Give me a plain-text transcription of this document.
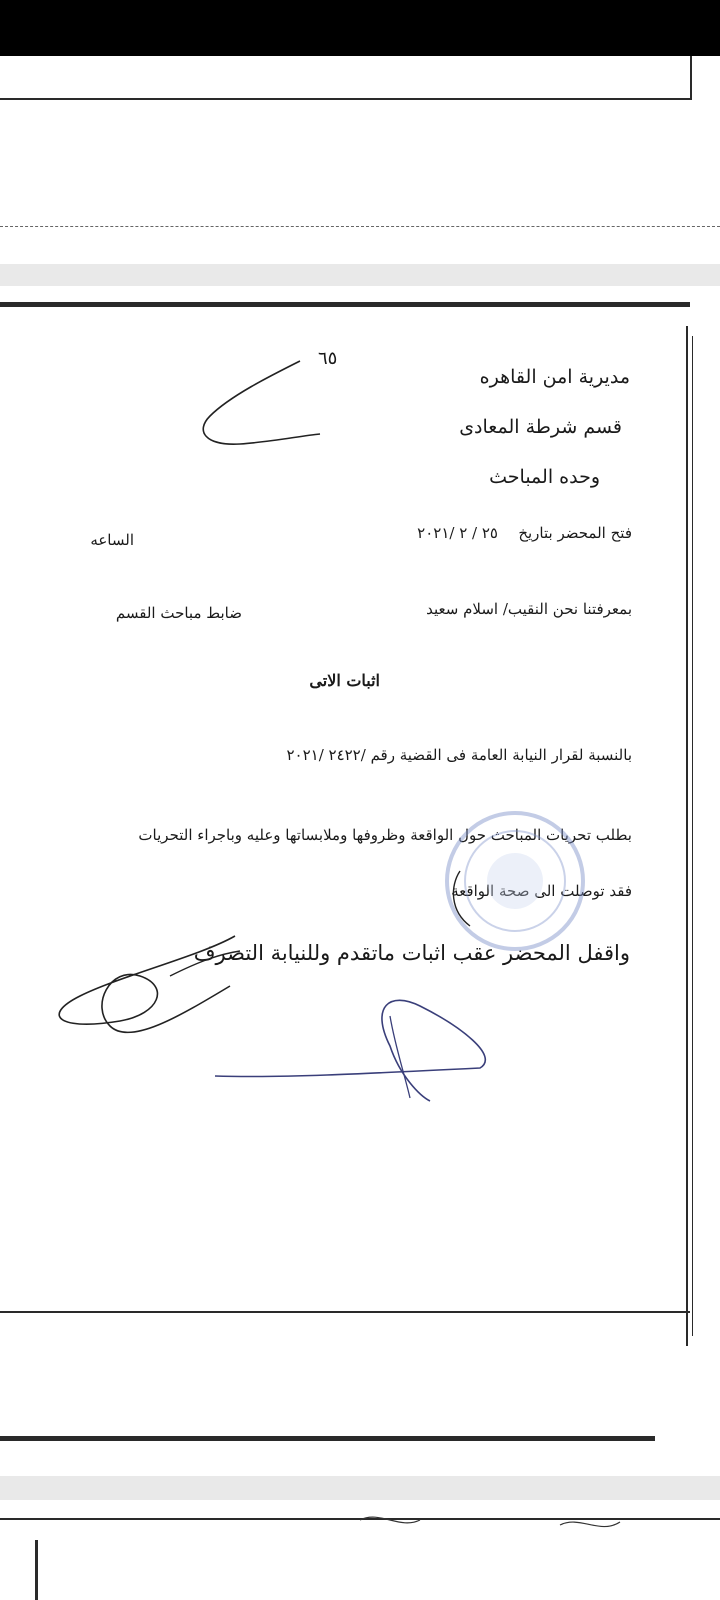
مديرية امن القاهره
قسم شرطة المعادى
وحده المباحث
٦٥
فتح المحضر بتاريخ
٢٥ / ٢ /٢٠٢١
الساعه
بمعرفتنا نحن النقيب/ اسلام سعيد
ضابط مباحث القسم
اثبات الاتى
بالنسبة لقرار النيابة العامة فى القضية رقم /٢٤٢٢ /٢٠٢١
بطلب تحريات المباحث حول الواقعة وظروفها وملابساتها وعليه وباجراء التحريات
فقد توصلت الى صحة الواقعة
واقفل المحضر عقب اثبات ماتقدم وللنيابة التصرف
